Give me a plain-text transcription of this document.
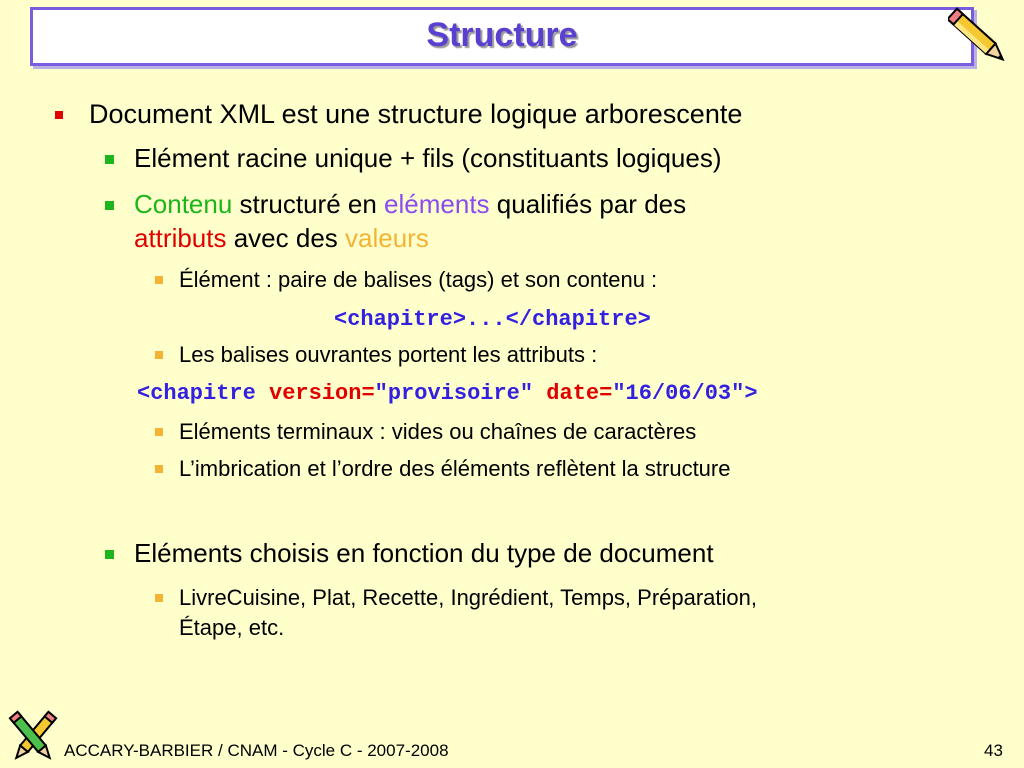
Structure
Document XML est une structure logique arborescente
Elément racine unique + fils (constituants logiques)
Contenu structuré en eléments qualifiés par des
attributs avec des valeurs
Élément : paire de balises (tags) et son contenu :
<chapitre>...</chapitre>
Les balises ouvrantes portent les attributs :
<chapitre version="provisoire" date="16/06/03">
Eléments terminaux : vides ou chaînes de caractères
L’imbrication et l’ordre des éléments reflètent la structure
Eléments choisis en fonction du type de document
LivreCuisine, Plat, Recette, Ingrédient, Temps, Préparation,
Étape, etc.
ACCARY-BARBIER / CNAM - Cycle C - 2007-2008	43
